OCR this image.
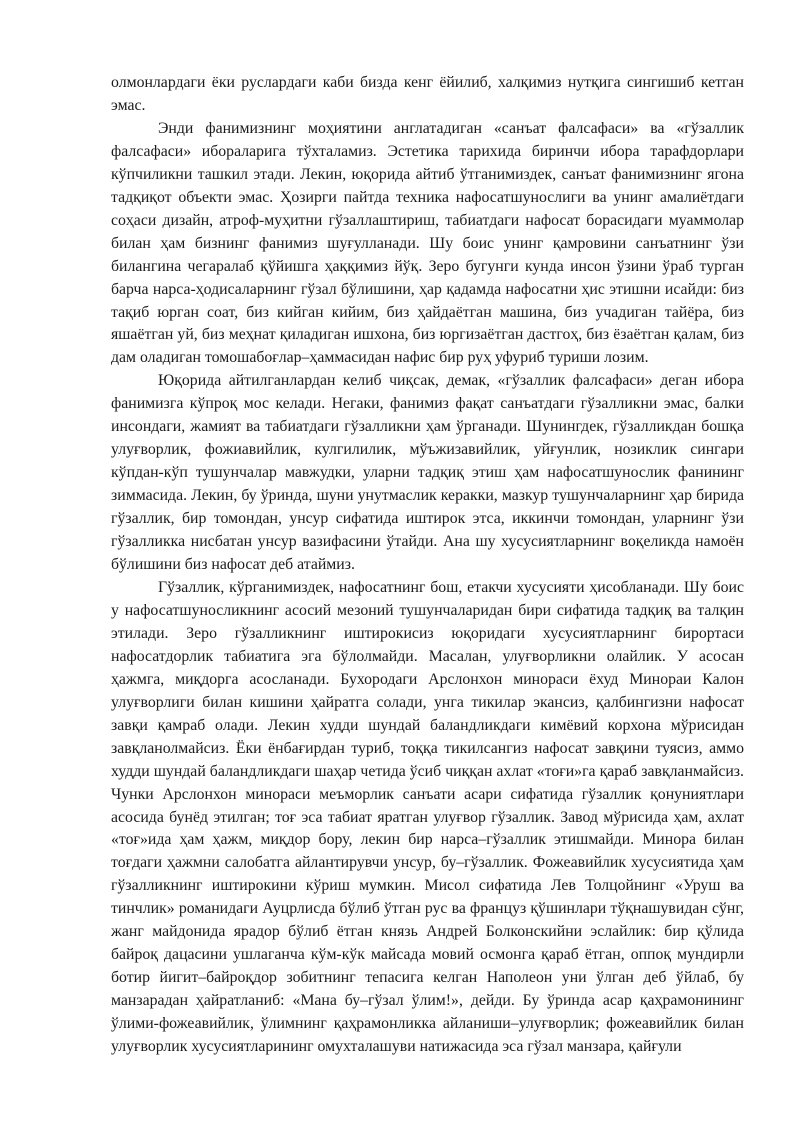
олмонлардаги ёки руслардаги каби бизда кенг ёйилиб, халқимиз нутқига сингишиб кетган эмас.

Энди фанимизнинг моҳиятини англатадиган «санъат фалсафаси» ва «гўзаллик фалсафаси» ибораларига тўхталамиз. Эстетика тарихида биринчи ибора тарафдорлари кўпчиликни ташкил этади. Лекин, юқорида айтиб ўтганимиздек, санъат фанимизнинг ягона тадқиқот объекти эмас. Ҳозирги пайтда техника нафосатшунослиги ва унинг амалиётдаги соҳаси дизайн, атроф-муҳитни гўзаллаштириш, табиатдаги нафосат борасидаги муаммолар билан ҳам бизнинг фанимиз шуғулланади. Шу боис унинг қамровини санъатнинг ўзи билангина чегаралаб қўйишга ҳаққимиз йўқ. Зеро бугунги кунда инсон ўзини ўраб турган барча нарса-ҳодисаларнинг гўзал бўлишини, ҳар қадамда нафосатни ҳис этишни исайди: биз тақиб юрган соат, биз кийган кийим, биз ҳайдаётган машина, биз учадиган тайёра, биз яшаётган уй, биз меҳнат қиладиган ишхона, биз юргизаётган дастгоҳ, биз ёзаётган қалам, биз дам оладиган томошабоғлар–ҳаммасидан нафис бир руҳ уфуриб туриши лозим.

Юқорида айтилганлардан келиб чиқсак, демак, «гўзаллик фалсафаси» деган ибора фанимизга кўпроқ мос келади. Негаки, фанимиз фақат санъатдаги гўзалликни эмас, балки инсондаги, жамият ва табиатдаги гўзалликни ҳам ўрганади. Шунингдек, гўзалликдан бошқа улуғворлик, фожиавийлик, кулгилилик, мўъжизавийлик, уйғунлик, нозиклик сингари кўпдан-кўп тушунчалар мавжудки, уларни тадқиқ этиш ҳам нафосатшунослик фанининг зиммасида. Лекин, бу ўринда, шуни унутмаслик керакки, мазкур тушунчаларнинг ҳар бирида гўзаллик, бир томондан, унсур сифатида иштирок этса, иккинчи томондан, уларнинг ўзи гўзалликка нисбатан унсур вазифасини ўтайди. Ана шу хусусиятларнинг воқеликда намоён бўлишини биз нафосат деб атаймиз.

Гўзаллик, кўрганимиздек, нафосатнинг бош, етакчи хусусияти ҳисобланади. Шу боис у нафосатшуносликнинг асосий мезоний тушунчаларидан бири сифатида тадқиқ ва талқин этилади. Зеро гўзалликнинг иштирокисиз юқоридаги хусусиятларнинг бирортаси нафосатдорлик табиатига эга бўлолмайди. Масалан, улуғворликни олайлик. У асосан ҳажмга, миқдорга асосланади. Бухородаги Арслонхон минораси ёхуд Минораи Калон улуғворлиги билан кишини ҳайратга солади, унга тикилар экансиз, қалбингизни нафосат завқи қамраб олади. Лекин худди шундай баландликдаги кимёвий корхона мўрисидан завқланолмайсиз. Ёки ёнбағирдан туриб, тоққа тикилсангиз нафосат завқини туясиз, аммо худди шундай баландликдаги шаҳар четида ўсиб чиққан ахлат «тоғи»га қараб завқланмайсиз. Чунки Арслонхон минораси меъморлик санъати асари сифатида гўзаллик қонуниятлари асосида бунёд этилган; тоғ эса табиат яратган улуғвор гўзаллик. Завод мўрисида ҳам, ахлат «тоғ»ида ҳам ҳажм, миқдор бору, лекин бир нарса–гўзаллик этишмайди. Минора билан тоғдаги ҳажмни салобатга айлантирувчи унсур, бу–гўзаллик. Фожеавийлик хусусиятида ҳам гўзалликнинг иштирокини кўриш мумкин. Мисол сифатида Лев Толцойнинг «Уруш ва тинчлик» романидаги Ауцрлисда бўлиб ўтган рус ва француз қўшинлари тўқнашувидан сўнг, жанг майдонида ярадор бўлиб ётган князь Андрей Болконскийни эслайлик: бир қўлида байроқ дацасини ушлаганча кўм-кўк майсада мовий осмонга қараб ётган, оппоқ мундирли ботир йигит–байроқдор зобитнинг тепасига келган Наполеон уни ўлган деб ўйлаб, бу манзарадан ҳайратланиб: «Мана бу–гўзал ўлим!», дейди. Бу ўринда асар қаҳрамонининг ўлими-фожеавийлик, ўлимнинг қаҳрамонликка айланиши–улуғворлик; фожеавийлик билан улуғворлик хусусиятларининг омухталашуви натижасида эса гўзал манзара, қайғули
